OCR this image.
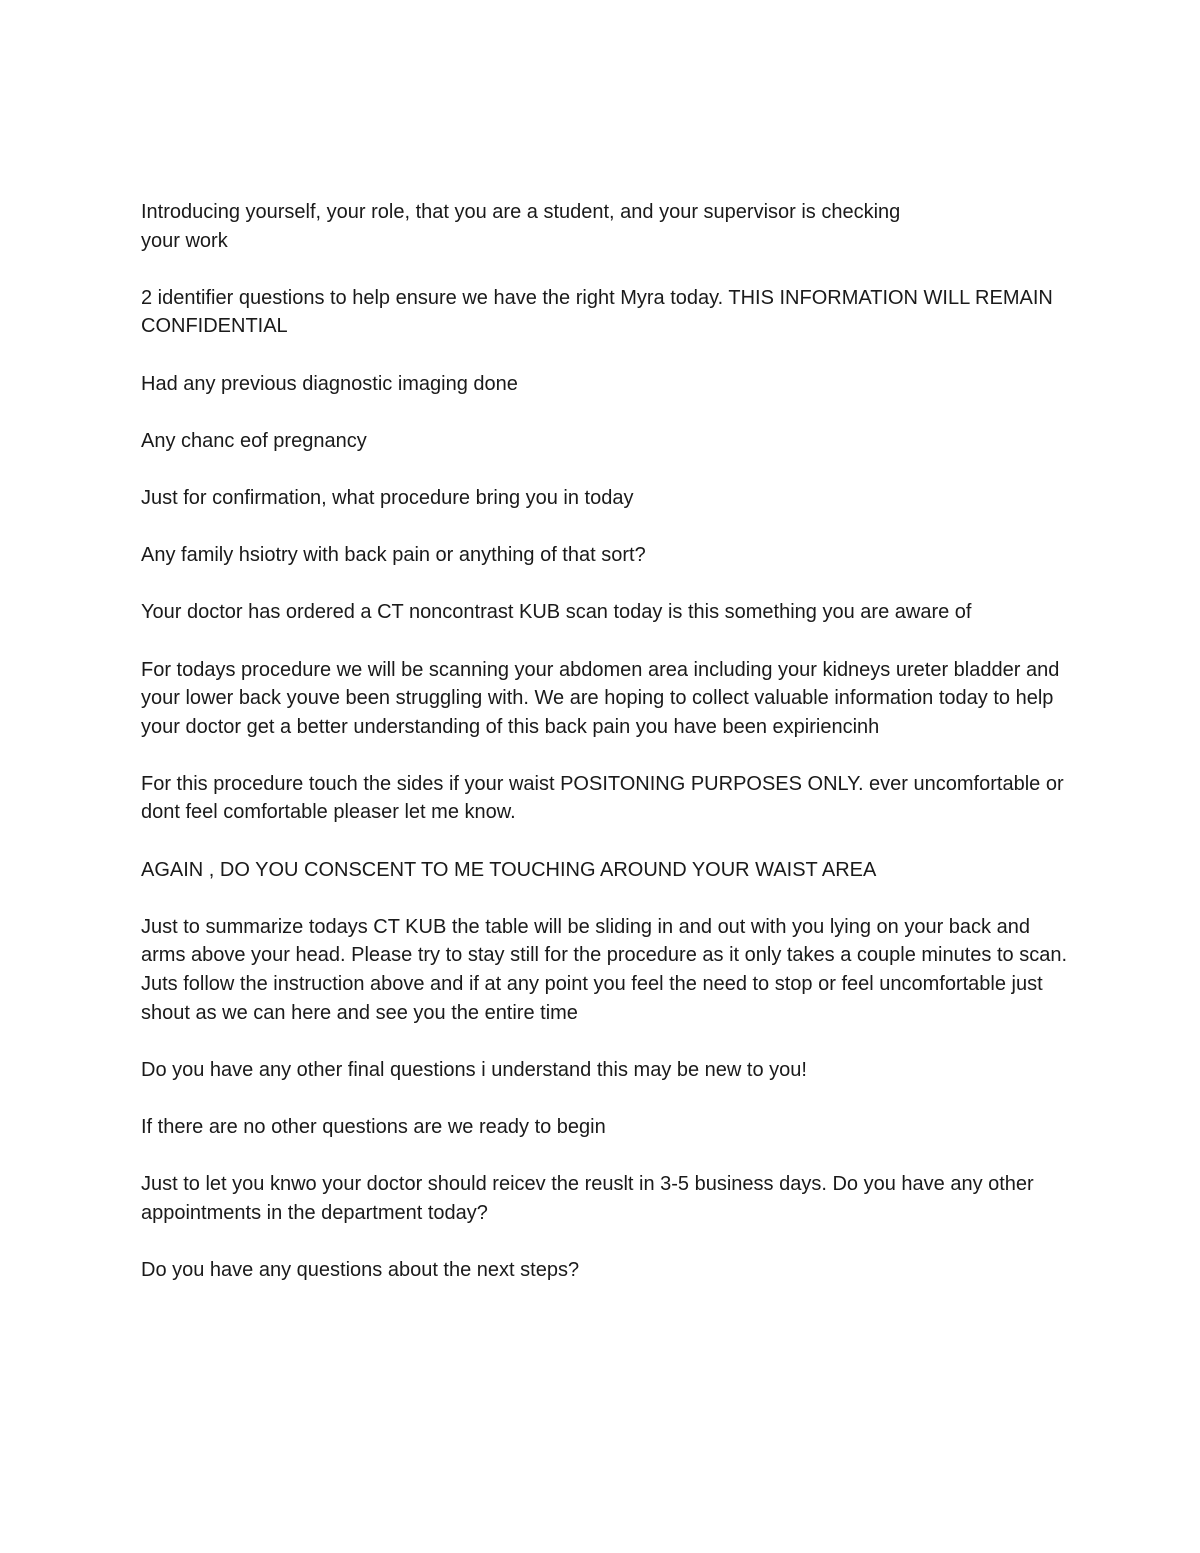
Introducing yourself, your role, that you are a student, and your supervisor is checking
your work

2 identifier questions to help ensure we have the right Myra today. THIS INFORMATION WILL REMAIN CONFIDENTIAL

Had any previous diagnostic imaging done

Any chanc eof pregnancy

Just for confirmation, what procedure bring you in today

Any family hsiotry with back pain or anything of that sort?

Your doctor has ordered a CT noncontrast KUB scan today is this something you are aware of

For todays procedure we will be scanning your abdomen area including your kidneys ureter bladder and your lower back youve been struggling with. We are hoping to collect valuable information today to help your doctor get a better understanding of this back pain you have been expiriencinh

For this procedure touch the sides if your waist POSITONING PURPOSES ONLY. ever uncomfortable or dont feel comfortable pleaser let me know.

AGAIN , DO YOU CONSCENT TO ME TOUCHING AROUND YOUR WAIST AREA

Just to summarize todays CT KUB the table will be sliding in and out with you lying on your back and arms above your head. Please try to stay still for the procedure as it only takes a couple minutes to scan. Juts follow the instruction above and if at any point you feel the need to stop or feel uncomfortable just shout as we can here and see you the entire time

Do you have any other final questions i understand this may be new to you!

If there are no other questions are we ready to begin

Just to let you knwo your doctor should reicev the reuslt in 3-5 business days. Do you have any other appointments in the department today?

Do you have any questions about the next steps?
